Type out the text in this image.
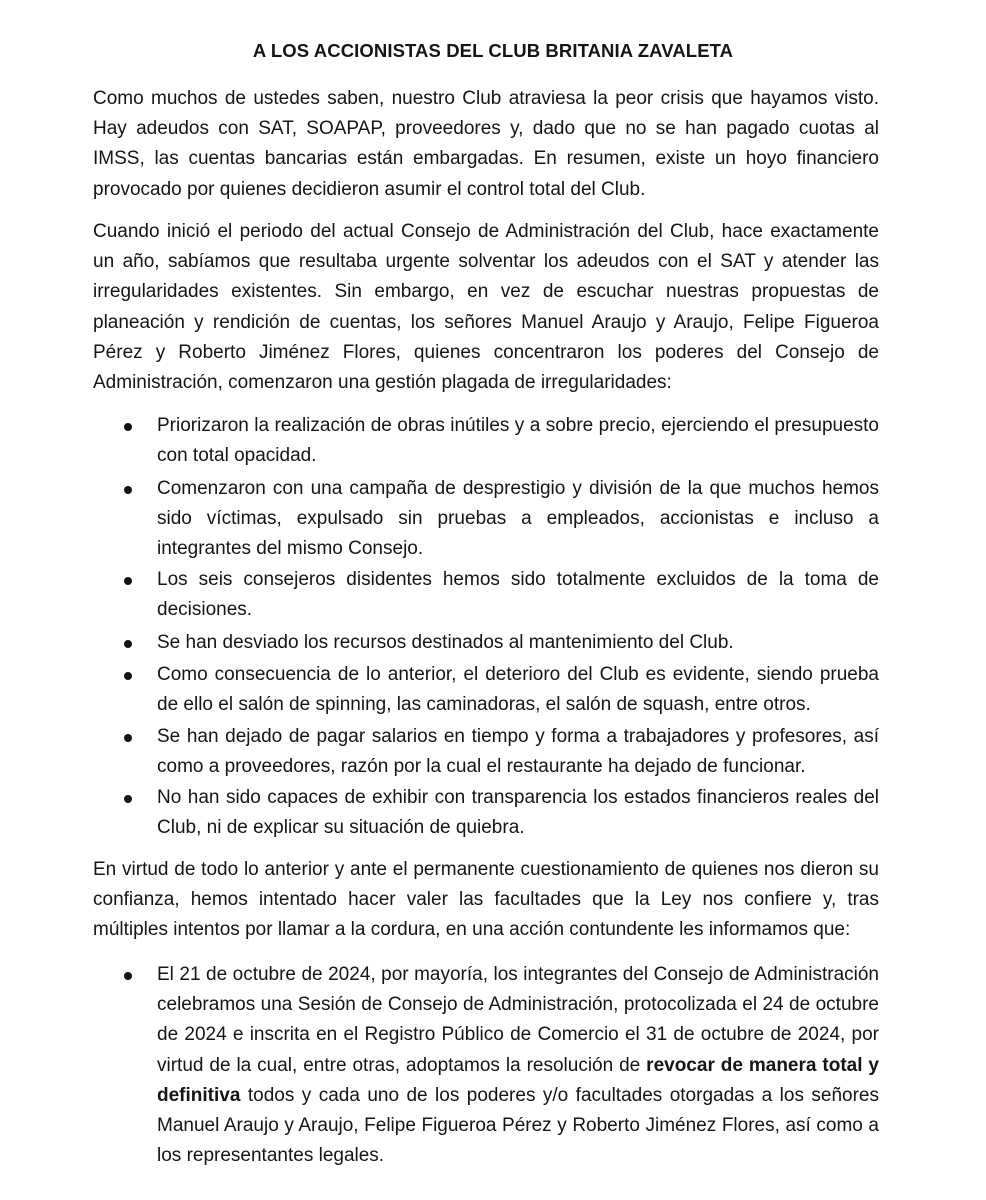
A LOS ACCIONISTAS DEL CLUB BRITANIA ZAVALETA

Como muchos de ustedes saben, nuestro Club atraviesa la peor crisis que hayamos visto. Hay adeudos con SAT, SOAPAP, proveedores y, dado que no se han pagado cuotas al IMSS, las cuentas bancarias están embargadas. En resumen, existe un hoyo financiero provocado por quienes decidieron asumir el control total del Club.

Cuando inició el periodo del actual Consejo de Administración del Club, hace exactamente un año, sabíamos que resultaba urgente solventar los adeudos con el SAT y atender las irregularidades existentes. Sin embargo, en vez de escuchar nuestras propuestas de planeación y rendición de cuentas, los señores Manuel Araujo y Araujo, Felipe Figueroa Pérez y Roberto Jiménez Flores, quienes concentraron los poderes del Consejo de Administración, comenzaron una gestión plagada de irregularidades:

Priorizaron la realización de obras inútiles y a sobre precio, ejerciendo el presupuesto con total opacidad.

Comenzaron con una campaña de desprestigio y división de la que muchos hemos sido víctimas, expulsado sin pruebas a empleados, accionistas e incluso a integrantes del mismo Consejo.

Los seis consejeros disidentes hemos sido totalmente excluidos de la toma de decisiones.

Se han desviado los recursos destinados al mantenimiento del Club.

Como consecuencia de lo anterior, el deterioro del Club es evidente, siendo prueba de ello el salón de spinning, las caminadoras, el salón de squash, entre otros.

Se han dejado de pagar salarios en tiempo y forma a trabajadores y profesores, así como a proveedores, razón por la cual el restaurante ha dejado de funcionar.

No han sido capaces de exhibir con transparencia los estados financieros reales del Club, ni de explicar su situación de quiebra.

En virtud de todo lo anterior y ante el permanente cuestionamiento de quienes nos dieron su confianza, hemos intentado hacer valer las facultades que la Ley nos confiere y, tras múltiples intentos por llamar a la cordura, en una acción contundente les informamos que:

El 21 de octubre de 2024, por mayoría, los integrantes del Consejo de Administración celebramos una Sesión de Consejo de Administración, protocolizada el 24 de octubre de 2024 e inscrita en el Registro Público de Comercio el 31 de octubre de 2024, por virtud de la cual, entre otras, adoptamos la resolución de revocar de manera total y definitiva todos y cada uno de los poderes y/o facultades otorgadas a los señores Manuel Araujo y Araujo, Felipe Figueroa Pérez y Roberto Jiménez Flores, así como a los representantes legales.
